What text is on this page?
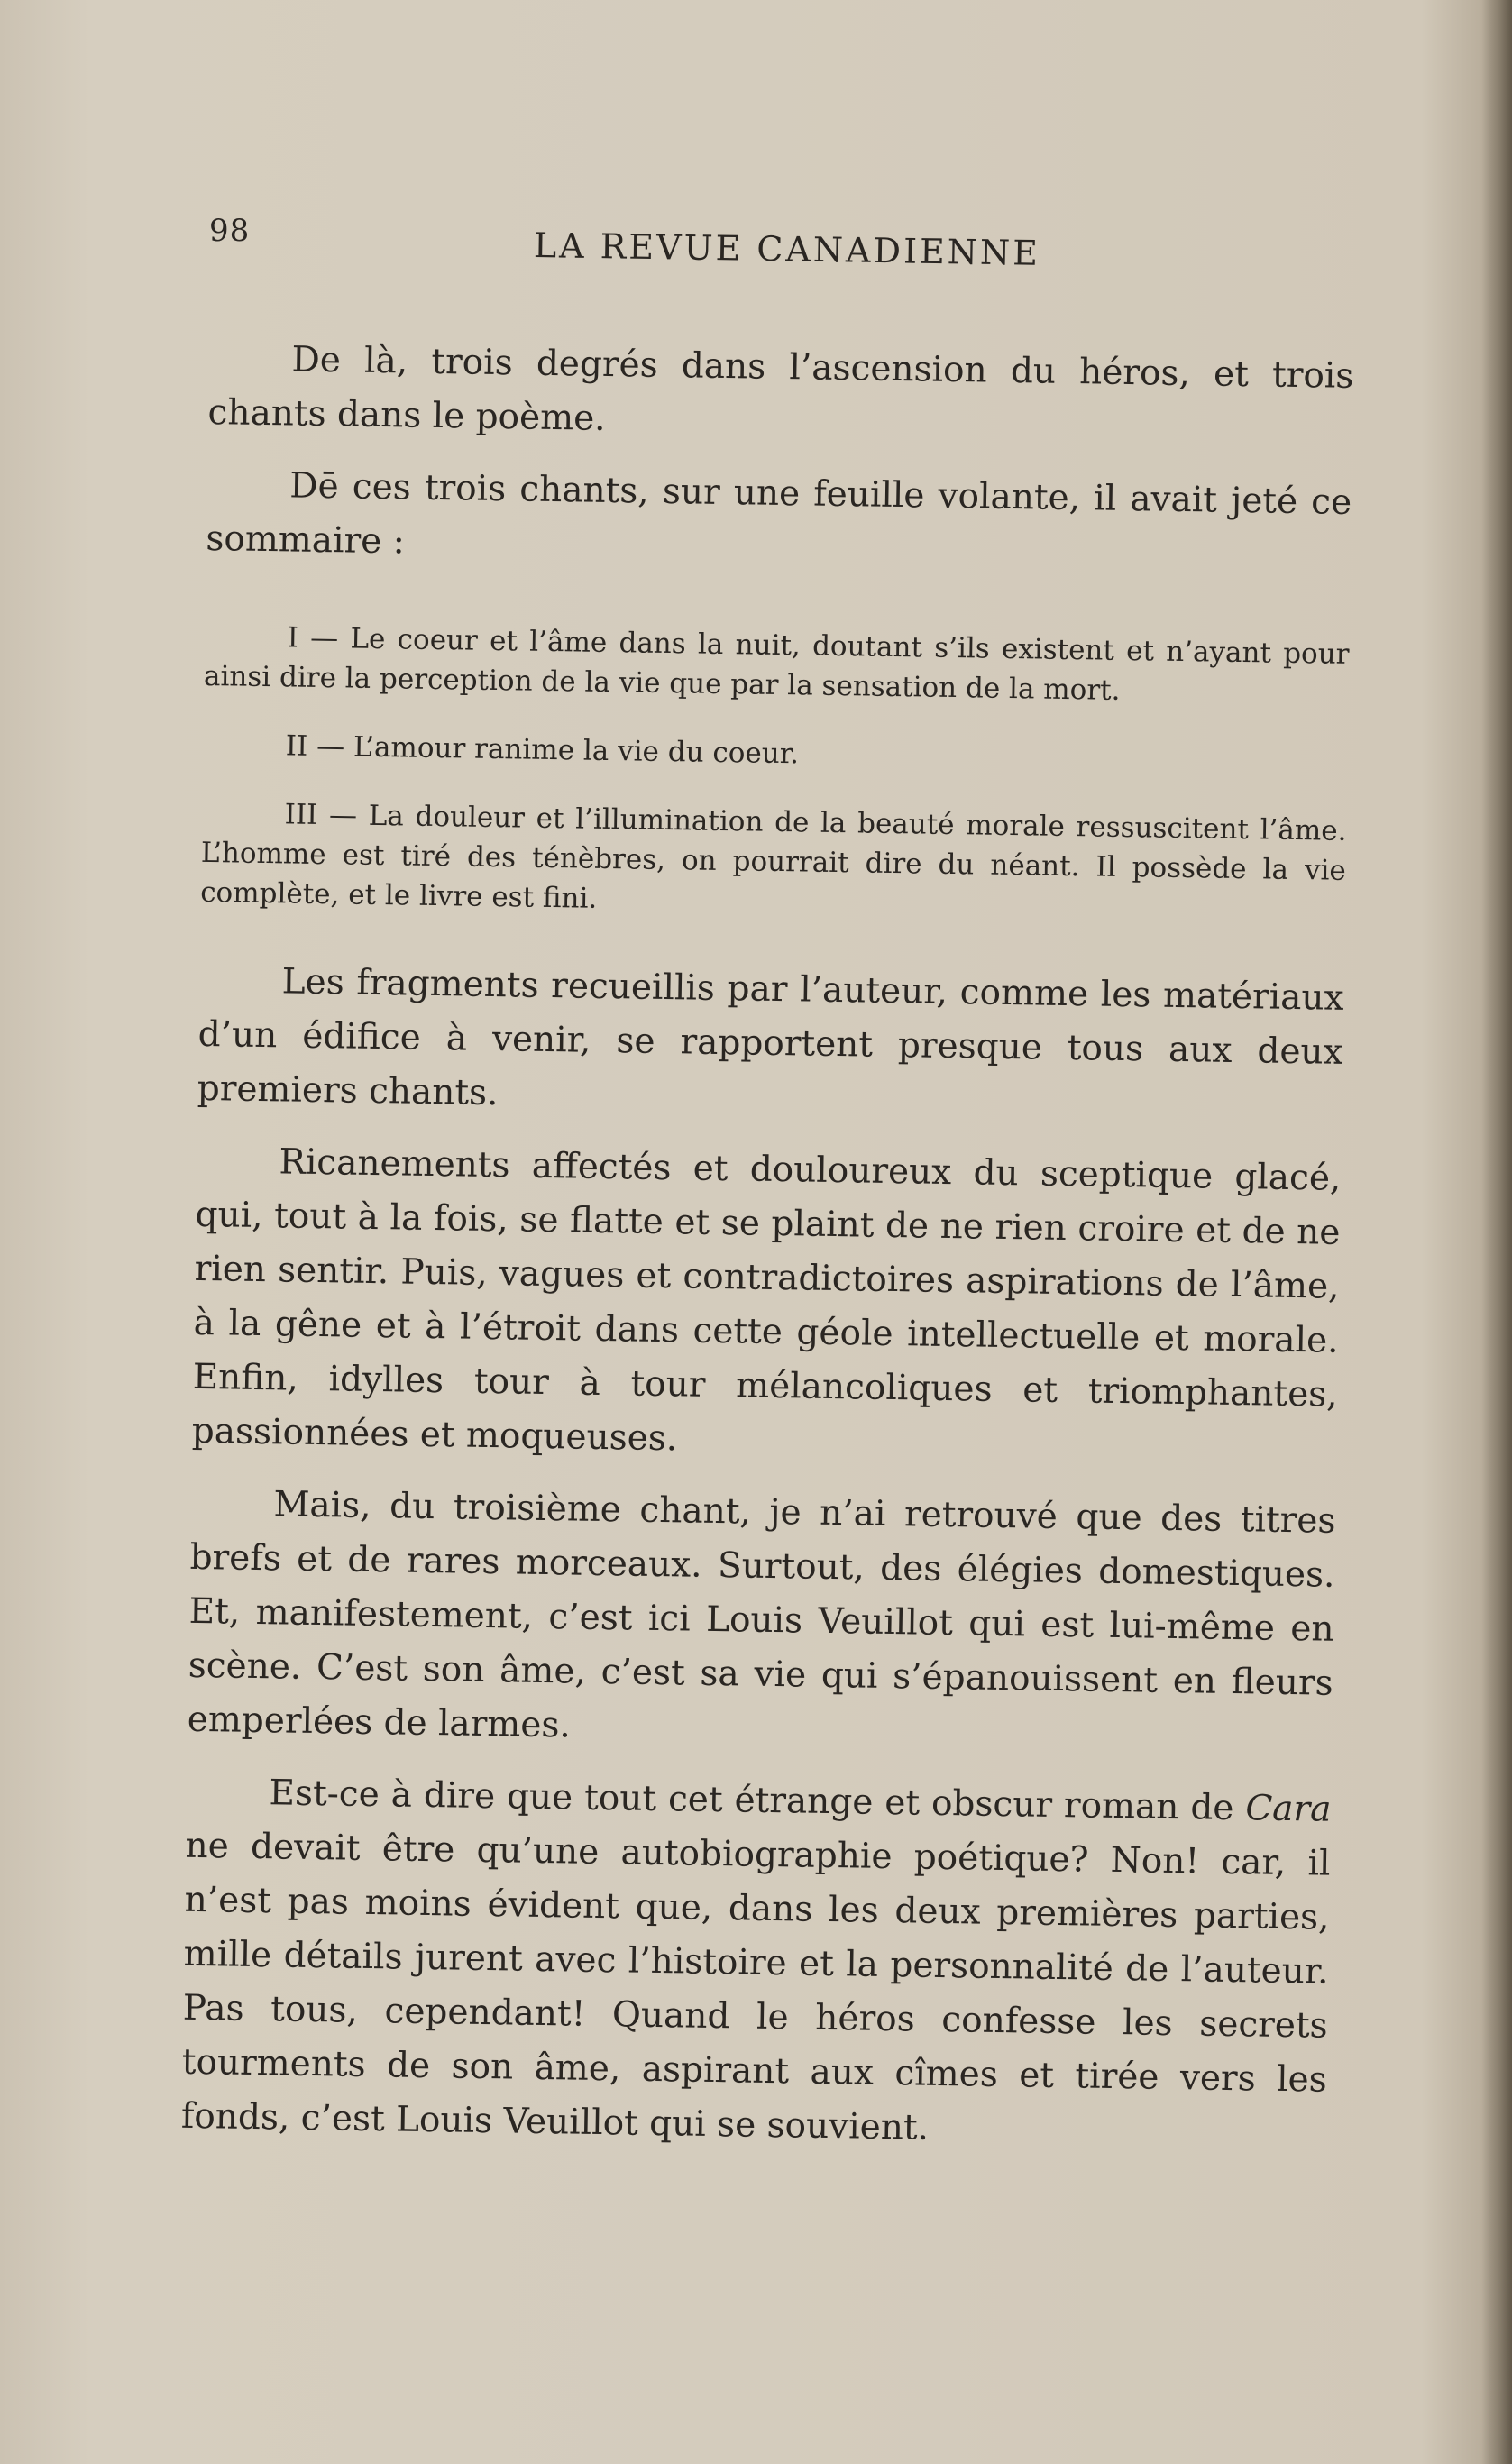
98	LA REVUE CANADIENNE

De là, trois degrés dans l’ascension du héros, et trois chants dans le poème.

Dē ces trois chants, sur une feuille volante, il avait jeté ce sommaire :

I — Le coeur et l’âme dans la nuit, doutant s’ils existent et n’ayant pour ainsi dire la perception de la vie que par la sensation de la mort.

II — L’amour ranime la vie du coeur.

III — La douleur et l’illumination de la beauté morale ressuscitent l’âme. L’homme est tiré des ténèbres, on pourrait dire du néant. Il possède la vie complète, et le livre est fini.

Les fragments recueillis par l’auteur, comme les matériaux d’un édifice à venir, se rapportent presque tous aux deux premiers chants.

Ricanements affectés et douloureux du sceptique glacé, qui, tout à la fois, se flatte et se plaint de ne rien croire et de ne rien sentir. Puis, vagues et contradictoires aspirations de l’âme, à la gêne et à l’étroit dans cette géole intellectuelle et morale. Enfin, idylles tour à tour mélancoliques et triomphantes, passionnées et moqueuses.

Mais, du troisième chant, je n’ai retrouvé que des titres brefs et de rares morceaux. Surtout, des élégies domestiques. Et, manifestement, c’est ici Louis Veuillot qui est lui-même en scène. C’est son âme, c’est sa vie qui s’épanouissent en fleurs emperlées de larmes.

Est-ce à dire que tout cet étrange et obscur roman de Cara ne devait être qu’une autobiographie poétique? Non! car, il n’est pas moins évident que, dans les deux premières parties, mille détails jurent avec l’histoire et la personnalité de l’auteur. Pas tous, cependant! Quand le héros confesse les secrets tourments de son âme, aspirant aux cîmes et tirée vers les fonds, c’est Louis Veuillot qui se souvient.
